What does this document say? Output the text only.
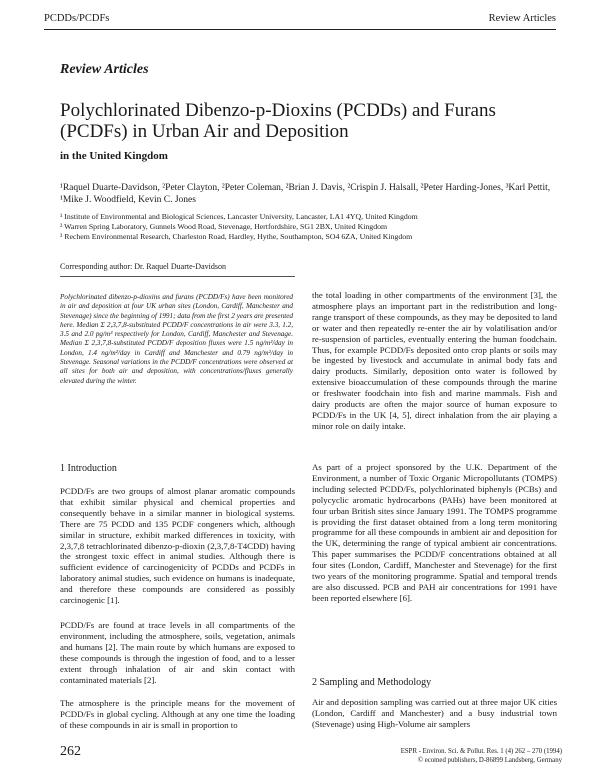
PCDDs/PCDFs	Review Articles
Review Articles
Polychlorinated Dibenzo-p-Dioxins (PCDDs) and Furans (PCDFs) in Urban Air and Deposition
in the United Kingdom
¹Raquel Duarte-Davidson, ²Peter Clayton, ²Peter Coleman, ²Brian J. Davis, ²Crispin J. Halsall, ²Peter Harding-Jones, ³Karl Pettit, ¹Mike J. Woodfield, Kevin C. Jones
¹ Institute of Environmental and Biological Sciences, Lancaster University, Lancaster, LA1 4YQ, United Kingdom
² Warren Spring Laboratory, Gunnels Wood Road, Stevenage, Hertfordshire, SG1 2BX, United Kingdom
³ Rechem Environmental Research, Charleston Road, Hardley, Hythe, Southampton, SO4 6ZA, United Kingdom
Corresponding author: Dr. Raquel Duarte-Davidson
Polychlorinated dibenzo-p-dioxins and furans (PCDD/Fs) have been monitored in air and deposition at four UK urban sites (London, Cardiff, Manchester and Stevenage) since the beginning of 1991; data from the first 2 years are presented here. Median Σ 2,3,7,8-substituted PCDD/F concentrations in air were 3.3, 1.2, 3.5 and 2.0 pg/m³ respectively for London, Cardiff, Manchester and Stevenage. Median Σ 2,3,7,8-substituted PCDD/F deposition fluxes were 1.5 ng/m²/day in London, 1.4 ng/m²/day in Cardiff and Manchester and 0.79 ng/m²/day in Stevenage. Seasonal variations in the PCDD/F concentrations were observed at all sites for both air and deposition, with concentrations/fluxes generally elevated during the winter.
1 Introduction
PCDD/Fs are two groups of almost planar aromatic compounds that exhibit similar physical and chemical properties and consequently behave in a similar manner in biological systems. There are 75 PCDD and 135 PCDF congeners which, although similar in structure, exhibit marked differences in toxicity, with 2,3,7,8 tetrachlorinated dibenzo-p-dioxin (2,3,7,8-T4CDD) having the strongest toxic effect in animal studies. Although there is sufficient evidence of carcinogenicity of PCDDs and PCDFs in laboratory animal studies, such evidence on humans is inadequate, and therefore these compounds are considered as possibly carcinogenic [1].
PCDD/Fs are found at trace levels in all compartments of the environment, including the atmosphere, soils, vegetation, animals and humans [2]. The main route by which humans are exposed to these compounds is through the ingestion of food, and to a lesser extent through inhalation of air and skin contact with contaminated materials [2].
The atmosphere is the principle means for the movement of PCDD/Fs in global cycling. Although at any one time the loading of these compounds in air is small in proportion to
the total loading in other compartments of the environment [3], the atmosphere plays an important part in the redistribution and long-range transport of these compounds, as they may be deposited to land or water and then repeatedly re-enter the air by volatilisation and/or re-suspension of particles, eventually entering the human foodchain. Thus, for example PCDD/Fs deposited onto crop plants or soils may be ingested by livestock and accumulate in animal body fats and dairy products. Similarly, deposition onto water is followed by extensive bioaccumulation of these compounds through the marine or freshwater foodchain into fish and marine mammals. Fish and dairy products are often the major source of human exposure to PCDD/Fs in the UK [4, 5], direct inhalation from the air playing a minor role on daily intake.
As part of a project sponsored by the U.K. Department of the Environment, a number of Toxic Organic Micropollutants (TOMPS) including selected PCDD/Fs, polychlorinated biphenyls (PCBs) and polycyclic aromatic hydrocarbons (PAHs) have been monitored at four urban British sites since January 1991. The TOMPS programme is providing the first dataset obtained from a long term monitoring programme for all these compounds in ambient air and deposition for the UK, determining the range of typical ambient air concentrations. This paper summarises the PCDD/F concentrations obtained at all four sites (London, Cardiff, Manchester and Stevenage) for the first two years of the monitoring programme. Spatial and temporal trends are also discussed. PCB and PAH air concentrations for 1991 have been reported elsewhere [6].
2 Sampling and Methodology
Air and deposition sampling was carried out at three major UK cities (London, Cardiff and Manchester) and a busy industrial town (Stevenage) using High-Volume air samplers
262	ESPR - Environ. Sci. & Pollut. Res. 1 (4) 262 – 270 (1994)
© ecomed publishers, D-86899 Landsberg, Germany
